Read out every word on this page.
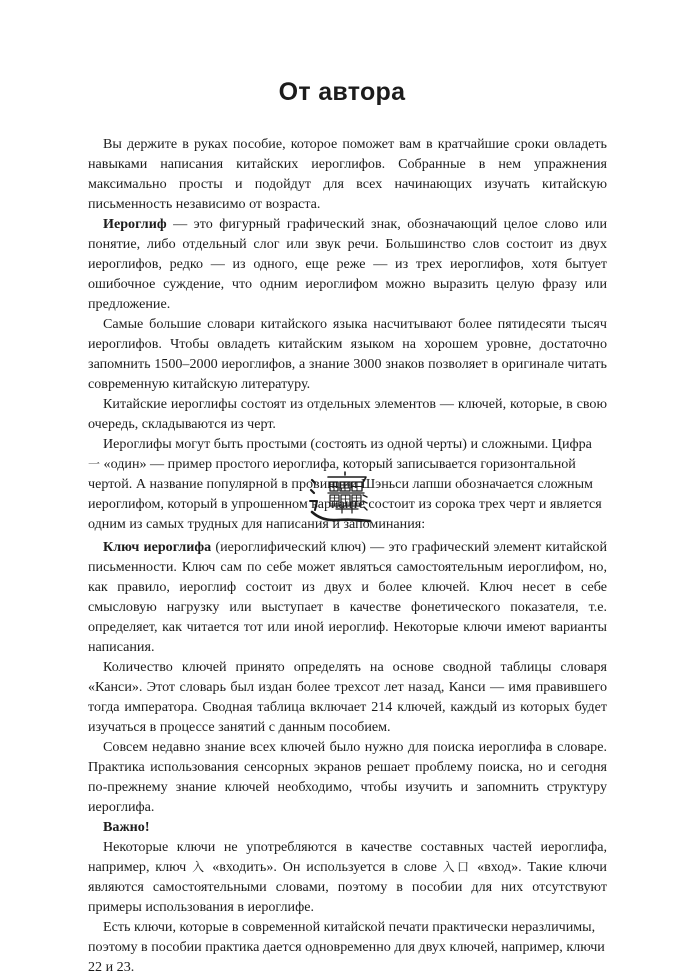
От автора

Вы держите в руках пособие, которое поможет вам в кратчайшие сроки овладеть навыками написания китайских иероглифов. Собранные в нем упражнения максимально просты и подойдут для всех начинающих изучать китайскую письменность независимо от возраста.

Иероглиф — это фигурный графический знак, обозначающий целое слово или понятие, либо отдельный слог или звук речи. Большинство слов состоит из двух иероглифов, редко — из одного, еще реже — из трех иероглифов, хотя бытует ошибочное суждение, что одним иероглифом можно выразить целую фразу или предложение.

Самые большие словари китайского языка насчитывают более пятидесяти тысяч иероглифов. Чтобы овладеть китайским языком на хорошем уровне, достаточно запомнить 1500–2000 иероглифов, а знание 3000 знаков позволяет в оригинале читать современную китайскую литературу.

Китайские иероглифы состоят из отдельных элементов — ключей, которые, в свою очередь, складываются из черт.

Иероглифы могут быть простыми (состоять из одной черты) и сложными. Цифра 一 «один» — пример простого иероглифа, который записывается горизонтальной чертой. А название популярной в провинции Шэньси лапши обозначается сложным иероглифом, который в упрошенном варианте состоит из сорока трех черт и является одним из самых трудных для написания и запоминания:

Ключ иероглифа (иероглифический ключ) — это графический элемент китайской письменности. Ключ сам по себе может являться самостоятельным иероглифом, но, как правило, иероглиф состоит из двух и более ключей. Ключ несет в себе смысловую нагрузку или выступает в качестве фонетического показателя, т.е. определяет, как читается тот или иной иероглиф. Некоторые ключи имеют варианты написания.

Количество ключей принято определять на основе сводной таблицы словаря «Канси». Этот словарь был издан более трехсот лет назад, Канси — имя правившего тогда императора. Сводная таблица включает 214 ключей, каждый из которых будет изучаться в процессе занятий с данным пособием.

Совсем недавно знание всех ключей было нужно для поиска иероглифа в словаре. Практика использования сенсорных экранов решает проблему поиска, но и сегодня по-прежнему знание ключей необходимо, чтобы изучить и запомнить структуру иероглифа.

Важно!

Некоторые ключи не употребляются в качестве составных частей иероглифа, например, ключ 入 «входить». Он используется в слове 入口 «вход». Такие ключи являются самостоятельными словами, поэтому в пособии для них отсутствуют примеры использования в иероглифе.

Есть ключи, которые в современной китайской печати практически неразличимы, поэтому в пособии практика дается одновременно для двух ключей, например, ключи 22 и 23.
